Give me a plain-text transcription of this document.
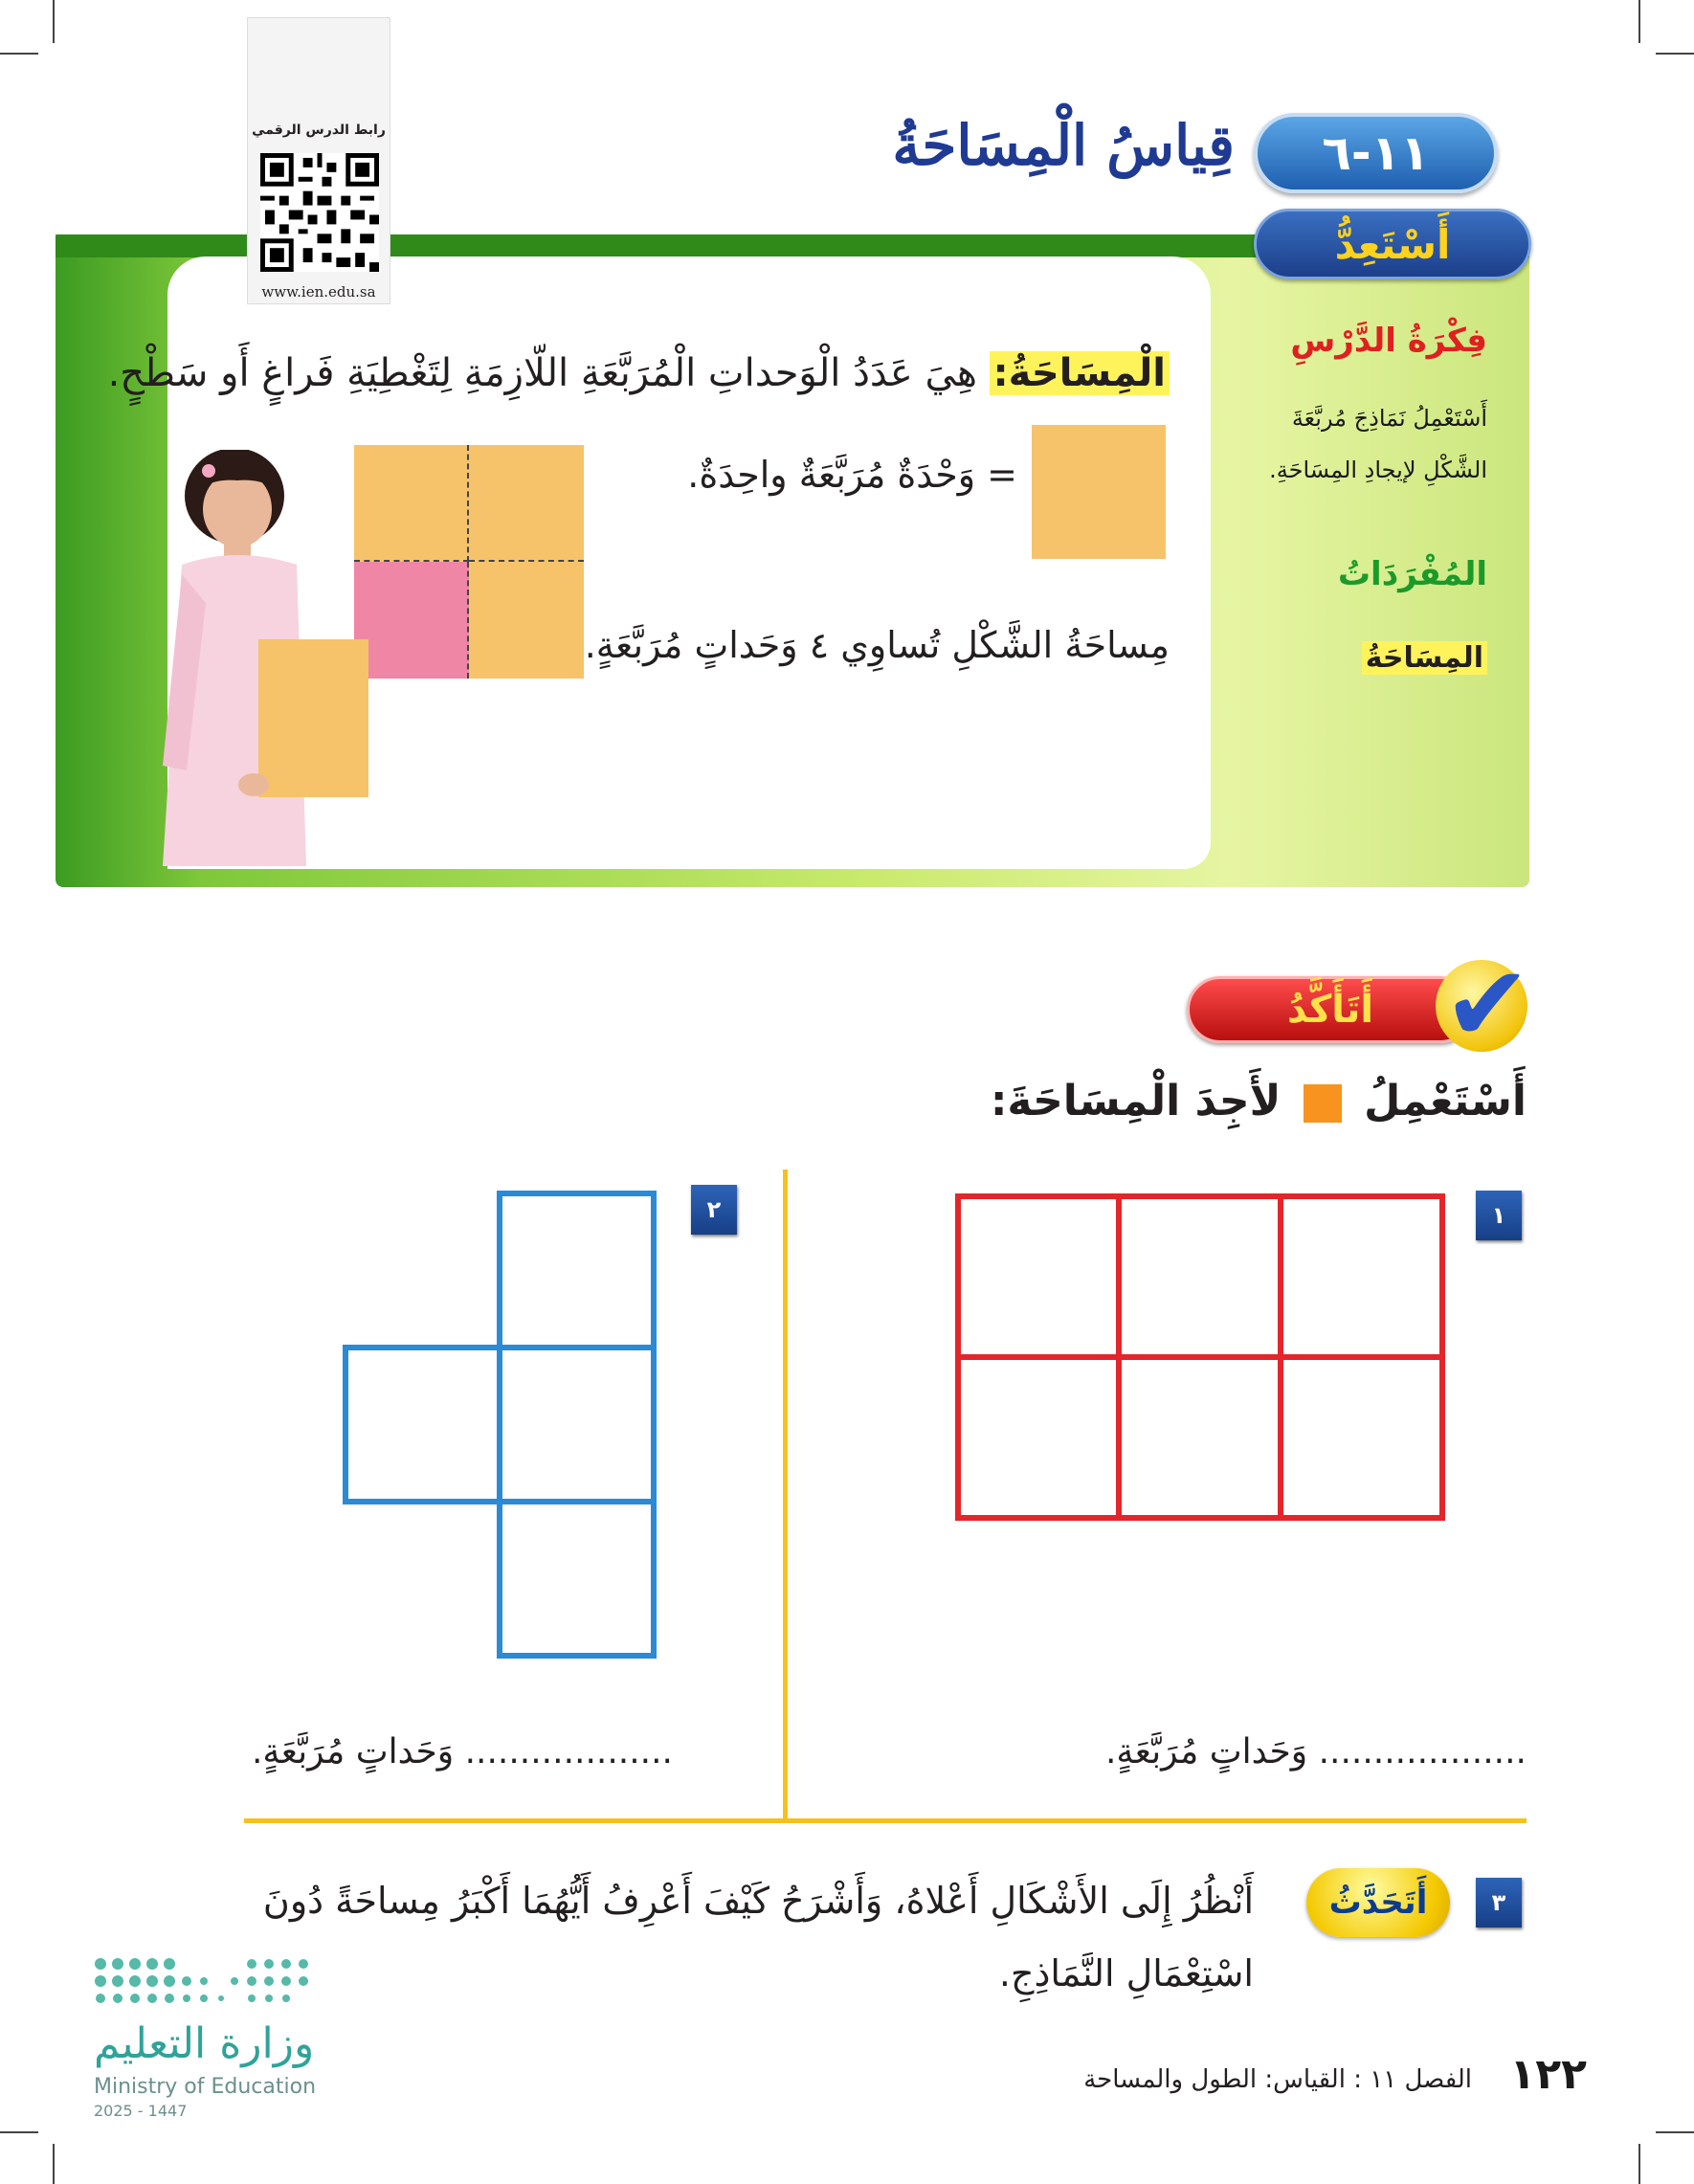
رابط الدرس الرقمي
www.ien.edu.sa
١١-٦
قِياسُ الْمِسَاحَةُ
أَسْتَعِدُّ
فِكْرَةُ الدَّرْسِ
أَسْتَعْمِلُ نَمَاذِجَ مُربَّعَةَ الشَّكْلِ لإيجادِ المِسَاحَةِ.
المُفْرَدَاتُ
المِسَاحَةُ
الْمِسَاحَةُ: هِيَ عَدَدُ الْوَحداتِ الْمُرَبَّعَةِ اللّازِمَةِ لِتَغْطِيَةِ فَراغٍ أَو سَطْحٍ.
= وَحْدَةٌ مُرَبَّعَةٌ واحِدَةٌ.
مِساحَةُ الشَّكْلِ تُساوِي ٤ وَحَداتٍ مُرَبَّعَةٍ.
أَتَأَكَّدُ ✔
أَسْتَعْمِلُ  لأَجِدَ الْمِسَاحَةَ:
١
................... وَحَداتٍ مُرَبَّعَةٍ.
٢
................... وَحَداتٍ مُرَبَّعَةٍ.
٣
أَتَحَدَّثُ
أَنْظُرُ إِلَى الأَشْكَالِ أَعْلاهُ، وَأَشْرَحُ كَيْفَ أَعْرِفُ أَيُّهُمَا أَكْبَرُ مِساحَةً دُونَ اسْتِعْمَالِ النَّمَاذِجِ.
وزارة التعليم
Ministry of Education
2025 - 1447
١٢٢
الفصل ١١ : القياس: الطول والمساحة
